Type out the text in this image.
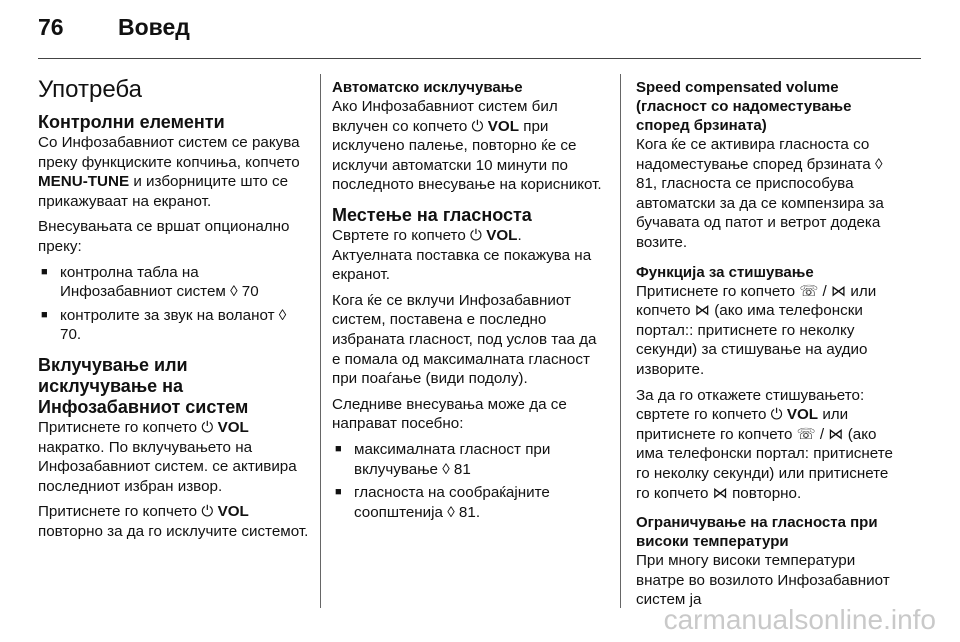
76 Вовед
Употреба
Контролни елементи

Со Инфозабавниот систем се ракува преку функциските копчиња, копчето MENU-TUNE и изборниците што се прикажуваат на екранот.

Внесувањата се вршат опционално преку:

■ контролна табла на Инфозабавниот систем ◊ 70
■ контролите за звук на воланот ◊ 70.
Вклучување или исклучување на Инфозабавниот систем

Притиснете го копчето ⏻ VOL накратко. По вклучувањето на Инфозабавниот систем. се активира последниот избран извор.

Притиснете го копчето ⏻ VOL повторно за да го исклучите системот.

Автоматско исклучување

Ако Инфозабавниот систем бил вклучен со копчето ⏻ VOL при исклучено палење, повторно ќе се исклучи автоматски 10 минути по последното внесување на корисникот.

Местење на гласноста

Свртете го копчето ⏻ VOL.

Актуелната поставка се покажува на екранот.

Кога ќе се вклучи Инфозабавниот систем, поставена е последно избраната гласност, под услов таа да е помала од максималната гласност при поаѓање (види подолу).

Следниве внесувања може да се направат посебно:

■ максималната гласност при вклучување ◊ 81
■ гласноста на сообраќајните соопштенија ◊ 81.
Speed compensated volume (гласност со надоместување според брзината)

Кога ќе се активира гласноста со надоместување според брзината ◊ 81, гласноста се приспособува автоматски за да се компензира за бучавата од патот и ветрот додека возите.

Функција за стишување

Притиснете го копчето ☏ / ⋈ или копчето ⋈ (ако има телефонски портал:: притиснете го неколку секунди) за стишување на аудио изворите.

За да го откажете стишувањето: свртете го копчето ⏻ VOL или притиснете го копчето ☏ / ⋈ (ако има телефонски портал: притиснете го неколку секунди) или притиснете го копчето ⋈ повторно.

Ограничување на гласноста при високи температури

При многу високи температури внатре во возилото Инфозабавниот систем ја

carmanualsonline.info
